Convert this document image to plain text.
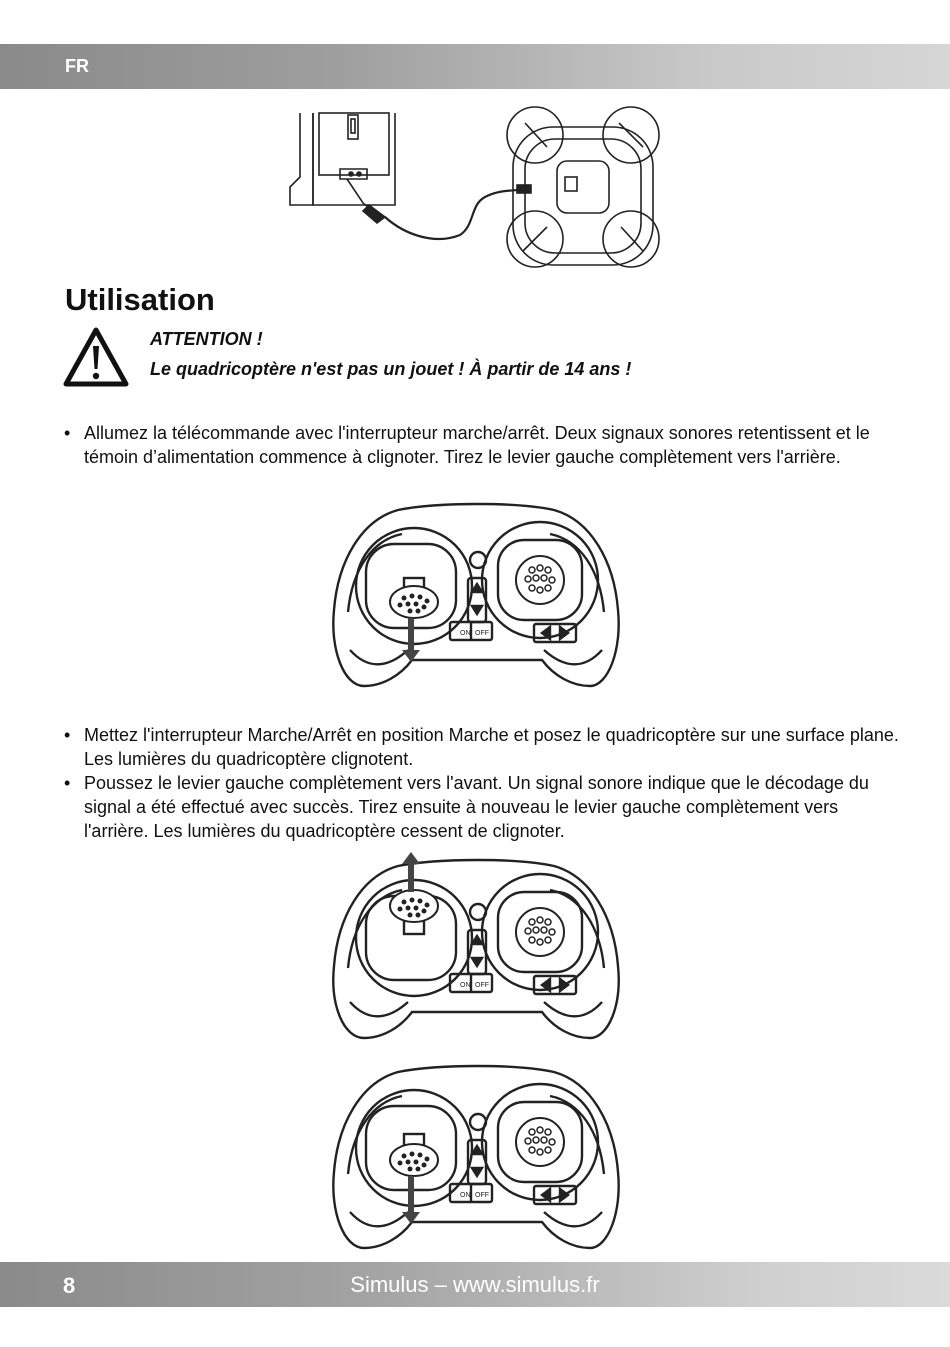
FR
Utilisation
ATTENTION !
Le quadricoptère n'est pas un jouet ! À partir de 14 ans !
• Allumez la télécommande avec l'interrupteur marche/arrêt. Deux signaux sonores retentissent et le témoin d’alimentation commence à clignoter. Tirez le levier gauche complètement vers l'arrière.
ON OFF
• Mettez l'interrupteur Marche/Arrêt en position Marche et posez le quadricoptère sur une surface plane. Les lumières du quadricoptère clignotent.
• Poussez le levier gauche complètement vers l'avant. Un signal sonore indique que le décodage du signal a été effectué avec succès. Tirez ensuite à nouveau le levier gauche complètement vers l'arrière. Les lumières du quadricoptère cessent de clignoter.
ON OFF
ON OFF
8	Simulus – www.simulus.fr
